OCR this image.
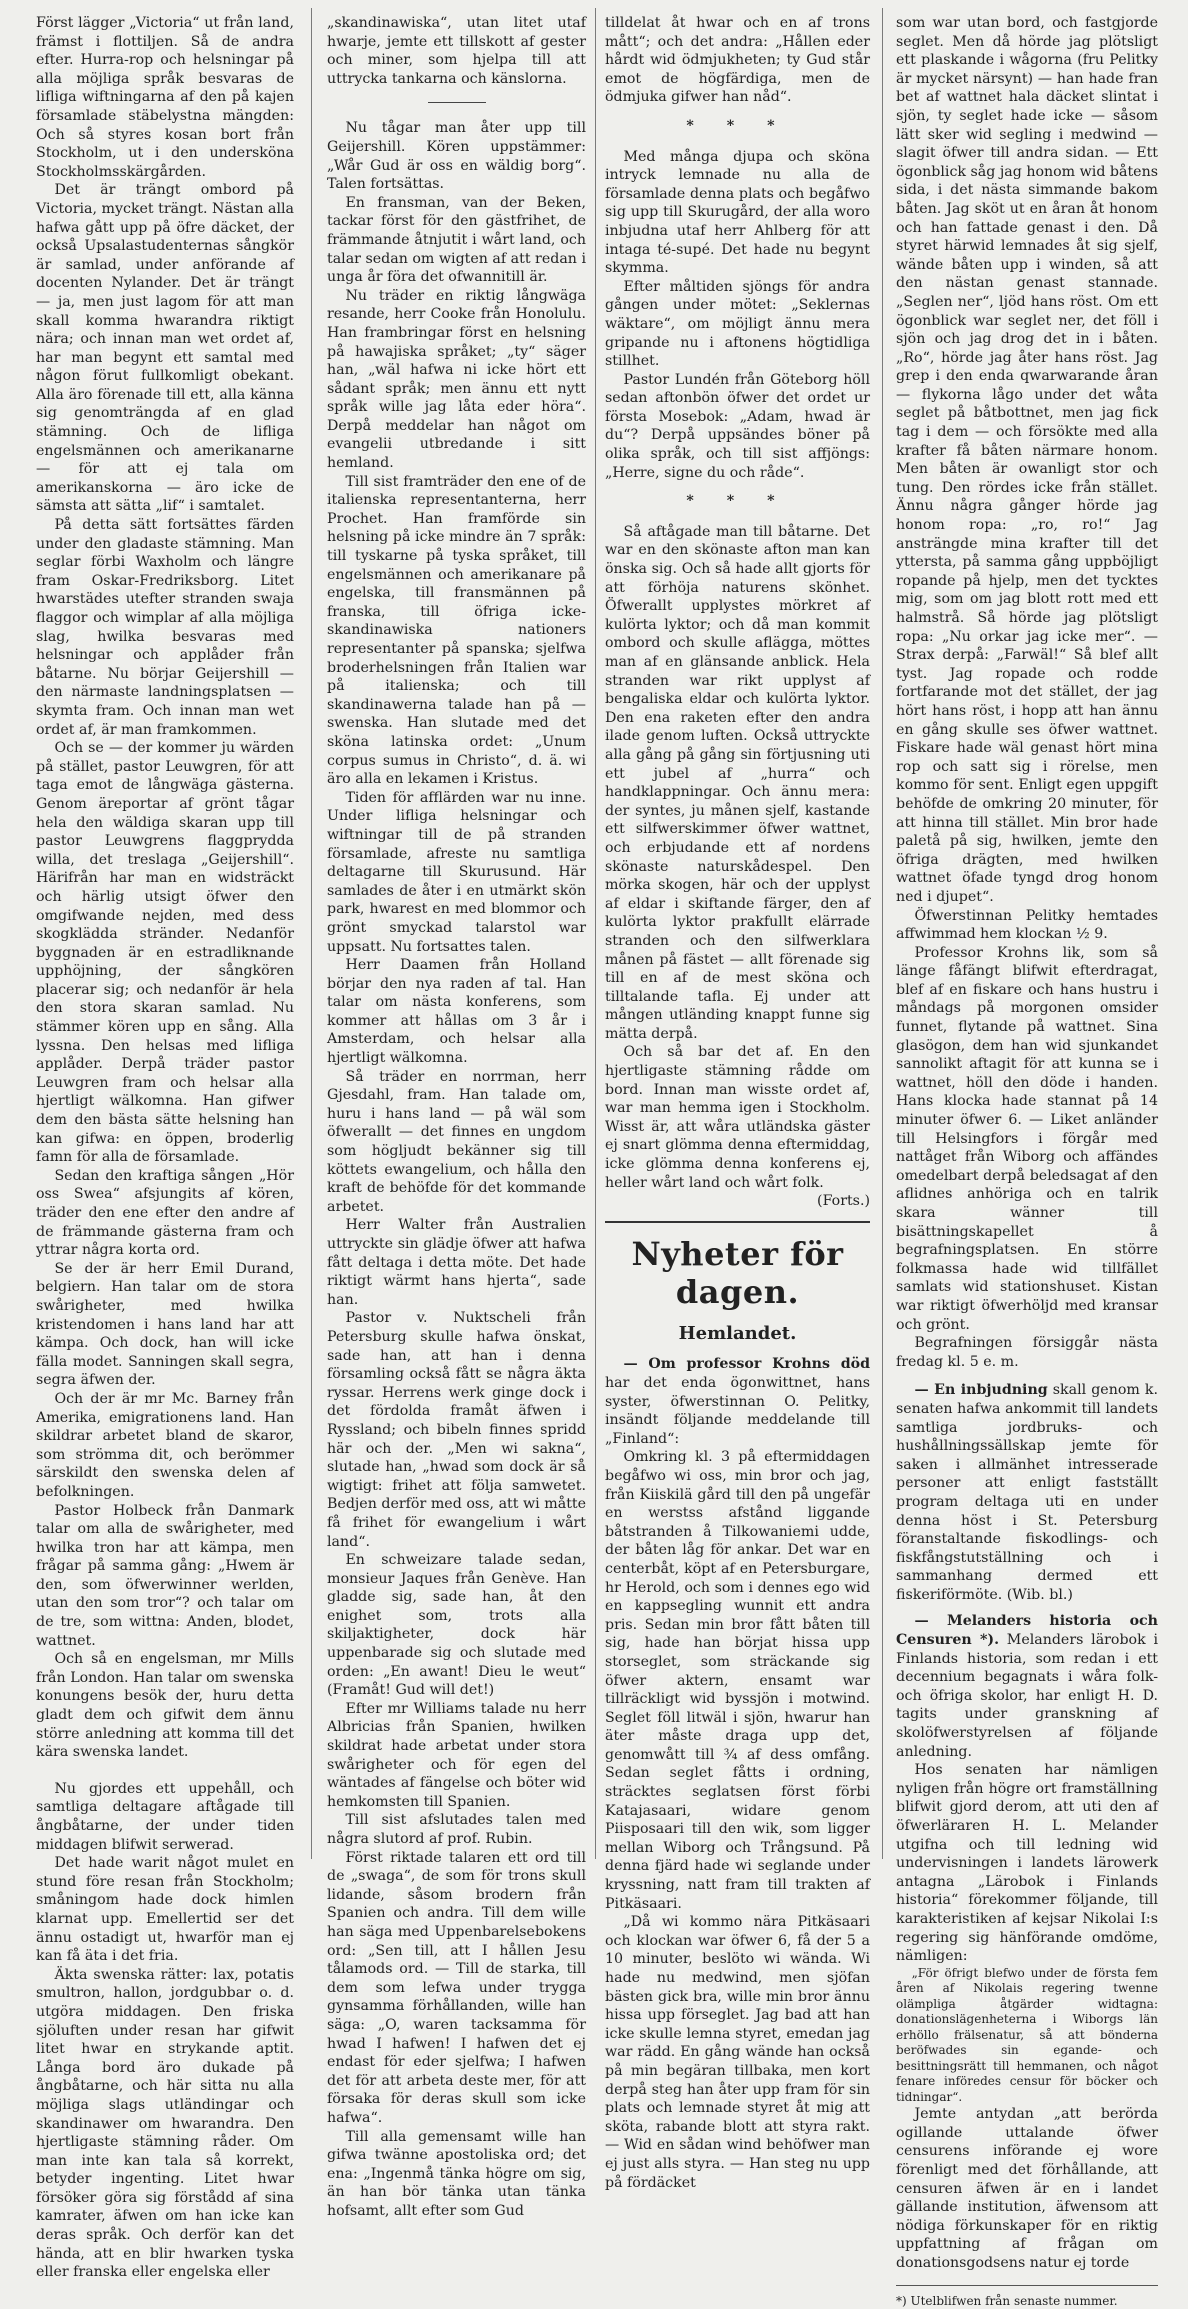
Först lägger „Victoria“ ut från land, främst i flottiljen. Så de andra efter. Hurra-rop och helsningar på alla möjliga språk besvaras de lifliga wiftningarna af den på kajen församlade stäbelystna mängden: Och så styres kosan bort från Stockholm, ut i den undersköna Stockholmsskärgården.

Det är trängt ombord på Victoria, mycket trängt. Nästan alla hafwa gått upp på öfre däcket, der också Upsalastudenternas sångkör är samlad, under anförande af docenten Nylander. Det är trängt — ja, men just lagom för att man skall komma hwarandra riktigt nära; och innan man wet ordet af, har man begynt ett samtal med någon förut fullkomligt obekant. Alla äro förenade till ett, alla känna sig genomträngda af en glad stämning. Och de lifliga engelsmännen och amerikanarne — för att ej tala om amerikanskorna — äro icke de sämsta att sätta „lif“ i samtalet.

På detta sätt fortsättes färden under den gladaste stämning. Man seglar förbi Waxholm och längre fram Oskar-Fredriksborg. Litet hwarstädes utefter stranden swaja flaggor och wimplar af alla möjliga slag, hwilka besvaras med helsningar och applåder från båtarne. Nu börjar Geijershill — den närmaste landningsplatsen — skymta fram. Och innan man wet ordet af, är man framkommen.

Och se — der kommer ju wärden på stället, pastor Leuwgren, för att taga emot de långwäga gästerna. Genom äreportar af grönt tågar hela den wäldiga skaran upp till pastor Leuwgrens flaggprydda willa, det treslaga „Geijershill“. Härifrån har man en widsträckt och härlig utsigt öfwer den omgifwande nejden, med dess skogklädda stränder. Nedanför byggnaden är en estradliknande upphöjning, der sångkören placerar sig; och nedanför är hela den stora skaran samlad. Nu stämmer kören upp en sång. Alla lyssna. Den helsas med lifliga applåder. Derpå träder pastor Leuwgren fram och helsar alla hjertligt wälkomna. Han gifwer dem den bästa sätte helsning han kan gifwa: en öppen, broderlig famn för alla de församlade.

Sedan den kraftiga sången „Hör oss Swea“ afsjungits af kören, träder den ene efter den andre af de främmande gästerna fram och yttrar några korta ord.

Se der är herr Emil Durand, belgiern. Han talar om de stora swårigheter, med hwilka kristendomen i hans land har att kämpa. Och dock, han will icke fälla modet. Sanningen skall segra, segra äfwen der.

Och der är mr Mc. Barney från Amerika, emigrationens land. Han skildrar arbetet bland de skaror, som strömma dit, och berömmer särskildt den swenska delen af befolkningen.

Pastor Holbeck från Danmark talar om alla de swårigheter, med hwilka tron har att kämpa, men frågar på samma gång: „Hwem är den, som öfwerwinner werlden, utan den som tror“? och talar om de tre, som wittna: Anden, blodet, wattnet.

Och så en engelsman, mr Mills från London. Han talar om swenska konungens besök der, huru detta gladt dem och gifwit dem ännu större anledning att komma till det kära swenska landet.

Nu gjordes ett uppehåll, och samtliga deltagare aftågade till ångbåtarne, der under tiden middagen blifwit serwerad.

Det hade warit något mulet en stund före resan från Stockholm; småningom hade dock himlen klarnat upp. Emellertid ser det ännu ostadigt ut, hwarför man ej kan få äta i det fria.

Äkta swenska rätter: lax, potatis smultron, hallon, jordgubbar o. d. utgöra middagen. Den friska sjöluften under resan har gifwit litet hwar en strykande aptit. Långa bord äro dukade på ångbåtarne, och här sitta nu alla möjliga slags utländingar och skandinawer om hwarandra. Den hjertligaste stämning råder. Om man inte kan tala så korrekt, betyder ingenting. Litet hwar försöker göra sig förstådd af sina kamrater, äfwen om han icke kan deras språk. Och derför kan det hända, att en blir hwarken tyska eller franska eller engelska eller

„skandinawiska“, utan litet utaf hwarje, jemte ett tillskott af gester och miner, som hjelpa till att uttrycka tankarna och känslorna.

Nu tågar man åter upp till Geijershill. Kören uppstämmer: „Wår Gud är oss en wäldig borg“. Talen fortsättas.

En fransman, van der Beken, tackar först för den gästfrihet, de främmande åtnjutit i wårt land, och talar sedan om wigten af att redan i unga år föra det ofwannitill är.

Nu träder en riktig långwäga resande, herr Cooke från Honolulu. Han frambringar först en helsning på hawajiska språket; „ty“ säger han, „wäl hafwa ni icke hört ett sådant språk; men ännu ett nytt språk wille jag låta eder höra“. Derpå meddelar han något om evangelii utbredande i sitt hemland.

Till sist framträder den ene of de italienska representanterna, herr Prochet. Han framförde sin helsning på icke mindre än 7 språk: till tyskarne på tyska språket, till engelsmännen och amerikanare på engelska, till fransmännen på franska, till öfriga icke-skandinawiska nationers representanter på spanska; sjelfwa broderhelsningen från Italien war på italienska; och till skandinawerna talade han på — swenska. Han slutade med det sköna latinska ordet: „Unum corpus sumus in Christo“, d. ä. wi äro alla en lekamen i Kristus.

Tiden för afflärden war nu inne. Under lifliga helsningar och wiftningar till de på stranden församlade, afreste nu samtliga deltagarne till Skurusund. Här samlades de åter i en utmärkt skön park, hwarest en med blommor och grönt smyckad talarstol war uppsatt. Nu fortsattes talen.

Herr Daamen från Holland börjar den nya raden af tal. Han talar om nästa konferens, som kommer att hållas om 3 år i Amsterdam, och helsar alla hjertligt wälkomna.

Så träder en norrman, herr Gjesdahl, fram. Han talade om, huru i hans land — på wäl som öfwerallt — det finnes en ungdom som högljudt bekänner sig till köttets ewangelium, och hålla den kraft de behöfde för det kommande arbetet.

Herr Walter från Australien uttryckte sin glädje öfwer att hafwa fått deltaga i detta möte. Det hade riktigt wärmt hans hjerta“, sade han.

Pastor v. Nuktscheli från Petersburg skulle hafwa önskat, sade han, att han i denna församling också fått se några äkta ryssar. Herrens werk ginge dock i det fördolda framåt äfwen i Ryssland; och bibeln finnes spridd här och der. „Men wi sakna“, slutade han, „hwad som dock är så wigtigt: frihet att följa samwetet. Bedjen derför med oss, att wi måtte få frihet för ewangelium i wårt land“.

En schweizare talade sedan, monsieur Jaques från Genève. Han gladde sig, sade han, åt den enighet som, trots alla skiljaktigheter, dock här uppenbarade sig och slutade med orden: „En awant! Dieu le weut“ (Framåt! Gud will det!)

Efter mr Williams talade nu herr Albricias från Spanien, hwilken skildrat hade arbetat under stora swårigheter och för egen del wäntades af fängelse och böter wid hemkomsten till Spanien.

Till sist afslutades talen med några slutord af prof. Rubin.

Först riktade talaren ett ord till de „swaga“, de som för trons skull lidande, såsom brodern från Spanien och andra. Till dem wille han säga med Uppenbarelsebokens ord: „Sen till, att I hållen Jesu tålamods ord. — Till de starka, till dem som lefwa under trygga gynsamma förhållanden, wille han säga: „O, waren tacksamma för hwad I hafwen! I hafwen det ej endast för eder sjelfwa; I hafwen det för att arbeta deste mer, för att försaka för deras skull som icke hafwa“.

Till alla gemensamt wille han gifwa twänne apostoliska ord; det ena: „Ingenmå tänka högre om sig, än han bör tänka utan tänka hofsamt, allt efter som Gud

tilldelat åt hwar och en af trons mått“; och det andra: „Hållen eder hårdt wid ödmjukheten; ty Gud står emot de högfärdiga, men de ödmjuka gifwer han nåd“.

* * *

Med många djupa och sköna intryck lemnade nu alla de församlade denna plats och begåfwo sig upp till Skurugård, der alla woro inbjudna utaf herr Ahlberg för att intaga té-supé. Det hade nu begynt skymma.

Efter måltiden sjöngs för andra gången under mötet: „Seklernas wäktare“, om möjligt ännu mera gripande nu i aftonens högtidliga stillhet.

Pastor Lundén från Göteborg höll sedan aftonbön öfwer det ordet ur första Mosebok: „Adam, hwad är du“? Derpå uppsändes böner på olika språk, och till sist affjöngs: „Herre, signe du och råde“.

* * *

Så aftågade man till båtarne. Det war en den skönaste afton man kan önska sig. Och så hade allt gjorts för att förhöja naturens skönhet. Öfwerallt upplystes mörkret af kulörta lyktor; och då man kommit ombord och skulle aflägga, möttes man af en glänsande anblick. Hela stranden war rikt upplyst af bengaliska eldar och kulörta lyktor. Den ena raketen efter den andra ilade genom luften. Också uttryckte alla gång på gång sin förtjusning uti ett jubel af „hurra“ och handklappningar. Och ännu mera: der syntes, ju månen sjelf, kastande ett silfwerskimmer öfwer wattnet, och erbjudande ett af nordens skönaste naturskådespel. Den mörka skogen, här och der upplyst af eldar i skiftande färger, den af kulörta lyktor prakfullt elärrade stranden och den silfwerklara månen på fästet — allt förenade sig till en af de mest sköna och tilltalande tafla. Ej under att mången utländing knappt funne sig mätta derpå.

Och så bar det af. En den hjertligaste stämning rådde om bord. Innan man wisste ordet af, war man hemma igen i Stockholm. Wisst är, att wåra utländska gäster ej snart glömma denna eftermiddag, icke glömma denna konferens ej, heller wårt land och wårt folk.

(Forts.)

Nyheter för dagen.
Hemlandet.

— Om professor Krohns död har det enda ögonwittnet, hans syster, öfwerstinnan O. Pelitky, insändt följande meddelande till „Finland“:

Omkring kl. 3 på eftermiddagen begåfwo wi oss, min bror och jag, från Kiiskilä gård till den på ungefär en werstss afstånd liggande båtstranden å Tilkowaniemi udde, der båten låg för ankar. Det war en centerbåt, köpt af en Petersburgare, hr Herold, och som i dennes ego wid en kappsegling wunnit ett andra pris. Sedan min bror fått båten till sig, hade han börjat hissa upp storseglet, som sträckande sig öfwer aktern, ensamt war tillräckligt wid byssjön i motwind. Seglet föll litwäl i sjön, hwarur han äter måste draga upp det, genomwått till ¾ af dess omfång. Sedan seglet fåtts i ordning, sträcktes seglatsen först förbi Katajasaari, widare genom Piisposaari till den wik, som ligger mellan Wiborg och Trångsund. På denna fjärd hade wi seglande under kryssning, natt fram till trakten af Pitkäsaari.

„Då wi kommo nära Pitkäsaari och klockan war öfwer 6, få der 5 a 10 minuter, beslöto wi wända. Wi hade nu medwind, men sjöfan bästen gick bra, wille min bror ännu hissa upp förseglet. Jag bad att han icke skulle lemna styret, emedan jag war rädd. En gång wände han också på min begäran tillbaka, men kort derpå steg han åter upp fram för sin plats och lemnade styret åt mig att sköta, rabande blott att styra rakt. — Wid en sådan wind behöfwer man ej just alls styra. — Han steg nu upp på fördäcket

som war utan bord, och fastgjorde seglet. Men då hörde jag plötsligt ett plaskande i wågorna (fru Pelitky är mycket närsynt) — han hade fran bet af wattnet hala däcket slintat i sjön, ty seglet hade icke — såsom lätt sker wid segling i medwind — slagit öfwer till andra sidan. — Ett ögonblick såg jag honom wid båtens sida, i det nästa simmande bakom båten. Jag sköt ut en åran åt honom och han fattade genast i den. Då styret härwid lemnades åt sig sjelf, wände båten upp i winden, så att den nästan genast stannade. „Seglen ner“, ljöd hans röst. Om ett ögonblick war seglet ner, det föll i sjön och jag drog det in i båten. „Ro“, hörde jag åter hans röst. Jag grep i den enda qwarwarande åran — flykorna lågo under det wåta seglet på båtbottnet, men jag fick tag i dem — och försökte med alla krafter få båten närmare honom. Men båten är owanligt stor och tung. Den rördes icke från stället. Ännu några gånger hörde jag honom ropa: „ro, ro!“ Jag ansträngde mina krafter till det yttersta, på samma gång uppböjligt ropande på hjelp, men det tycktes mig, som om jag blott rott med ett halmstrå. Så hörde jag plötsligt ropa: „Nu orkar jag icke mer“. — Strax derpå: „Farwäl!“ Så blef allt tyst. Jag ropade och rodde fortfarande mot det stället, der jag hört hans röst, i hopp att han ännu en gång skulle ses öfwer wattnet. Fiskare hade wäl genast hört mina rop och satt sig i rörelse, men kommo för sent. Enligt egen uppgift behöfde de omkring 20 minuter, för att hinna till stället. Min bror hade paletå på sig, hwilken, jemte den öfriga drägten, med hwilken wattnet öfade tyngd drog honom ned i djupet“.

Öfwerstinnan Pelitky hemtades affwimmad hem klockan ½ 9.

Professor Krohns lik, som så länge fåfängt blifwit efterdragat, blef af en fiskare och hans hustru i måndags på morgonen omsider funnet, flytande på wattnet. Sina glasögon, dem han wid sjunkandet sannolikt aftagit för att kunna se i wattnet, höll den döde i handen. Hans klocka hade stannat på 14 minuter öfwer 6. — Liket anländer till Helsingfors i förgår med nattåget från Wiborg och affändes omedelbart derpå beledsagat af den aflidnes anhöriga och en talrik skara wänner till bisättningskapellet å begrafningsplatsen. En större folkmassa hade wid tillfället samlats wid stationshuset. Kistan war riktigt öfwerhöljd med kransar och grönt.

Begrafningen försiggår nästa fredag kl. 5 e. m.

— En inbjudning skall genom k. senaten hafwa ankommit till landets samtliga jordbruks- och hushållningssällskap jemte för saken i allmänhet intresserade personer att enligt fastställt program deltaga uti en under denna höst i St. Petersburg föranstaltande fiskodlings- och fiskfångstutställning och i sammanhang dermed ett fiskeriförmöte. (Wib. bl.)

— Melanders historia och Censuren *). Melanders lärobok i Finlands historia, som redan i ett decennium begagnats i wåra folk- och öfriga skolor, har enligt H. D. tagits under granskning af skolöfwerstyrelsen af följande anledning.

Hos senaten har nämligen nyligen från högre ort framställning blifwit gjord derom, att uti den af öfwerläraren H. L. Melander utgifna och till ledning wid undervisningen i landets lärowerk antagna „Lärobok i Finlands historia“ förekommer följande, till karakteristiken af kejsar Nikolai I:s regering sig hänförande omdöme, nämligen:

„För öfrigt blefwo under de första fem åren af Nikolais regering twenne olämpliga åtgärder widtagna: donationslägenheterna i Wiborgs län erhöllo frälsenatur, så att bönderna beröfwades sin egande- och besittningsrätt till hemmanen, och något fenare införedes censur för böcker och tidningar“.

Jemte antydan „att berörda ogillande uttalande öfwer censurens införande ej wore förenligt med det förhållande, att censuren äfwen är en i landet gällande institution, äfwensom att nödiga förkunskaper för en riktig uppfattning af frågan om donationsgodsens natur ej torde

*) Utelblifwen från senaste nummer.
